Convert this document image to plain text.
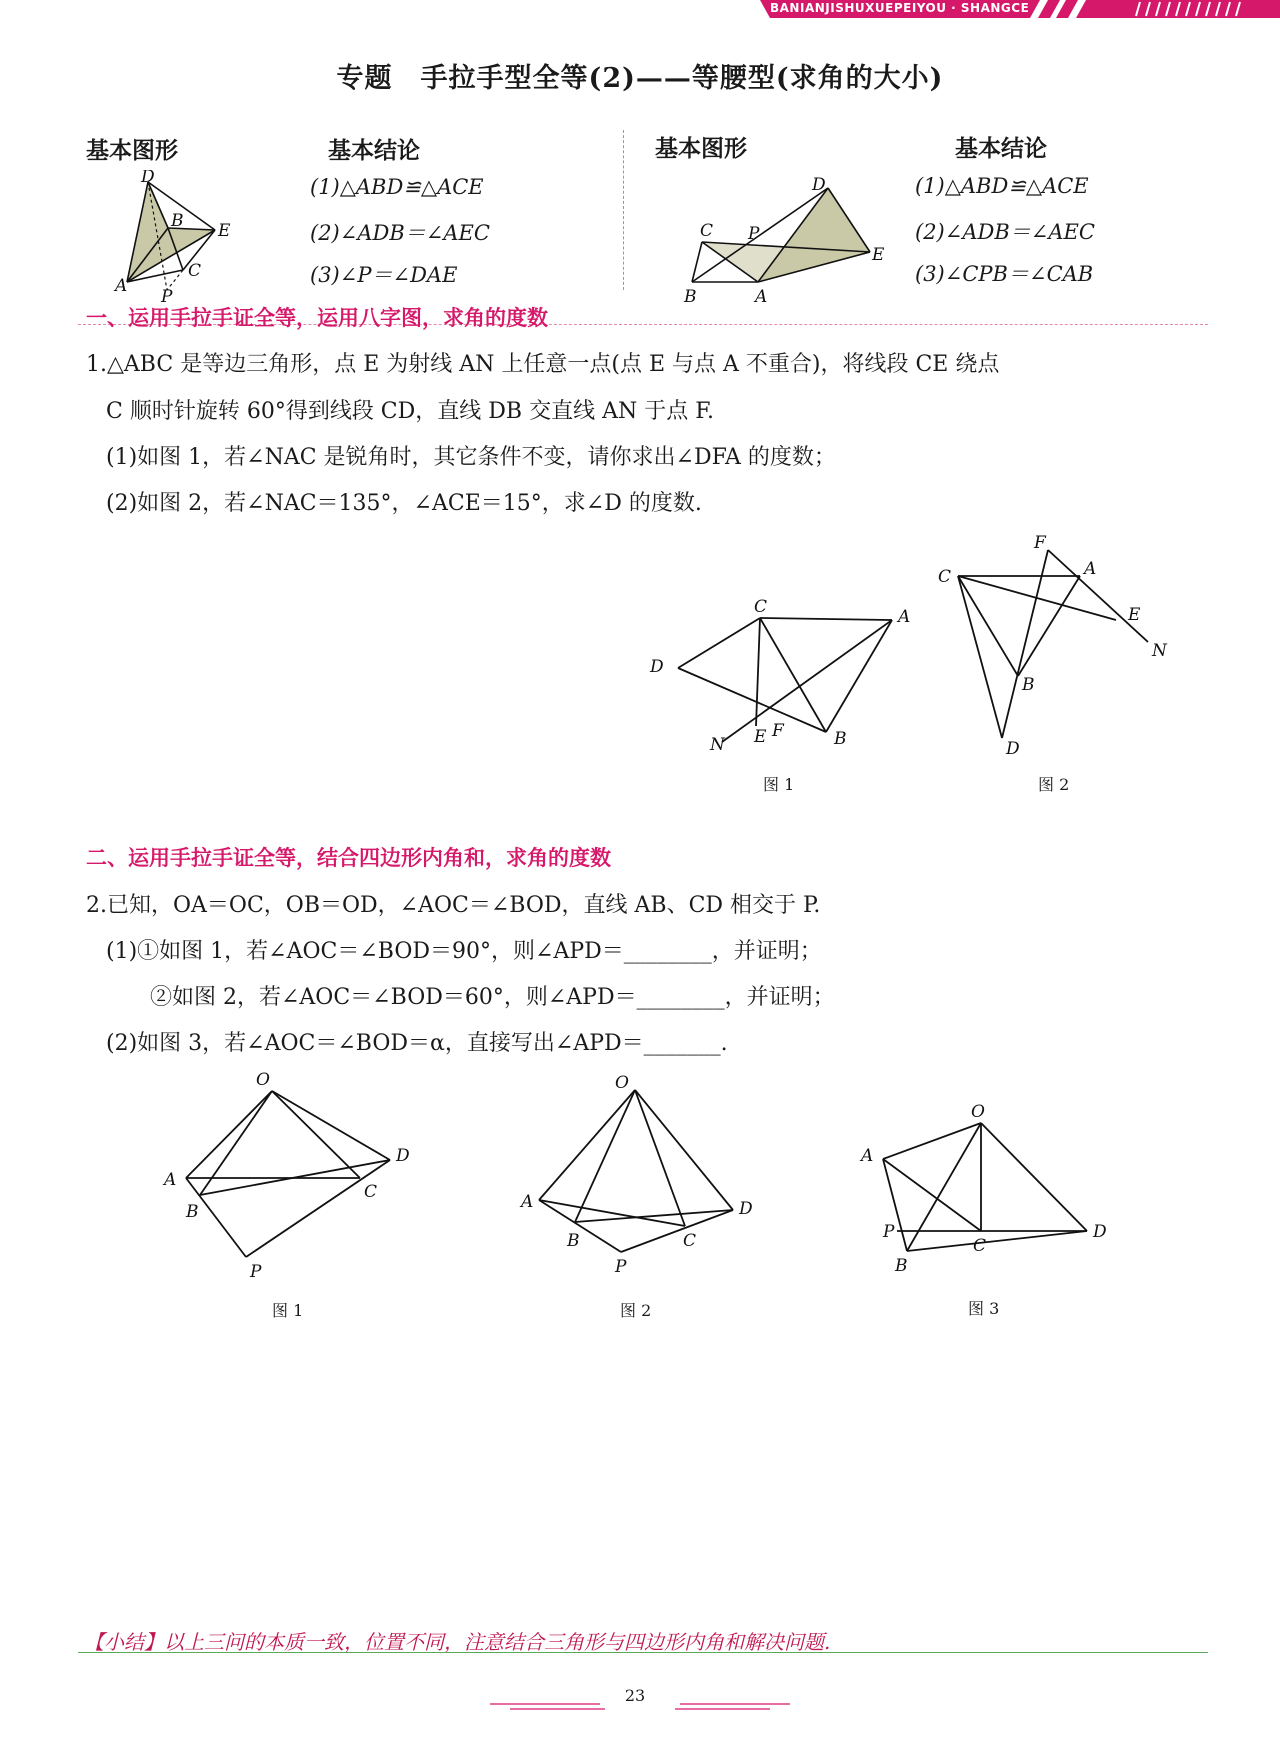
BANIANJISHUXUEPEIYOU · SHANGCE
专题　手拉手型全等(2)——等腰型(求角的大小)
基本图形	基本结论
(1)△ABD≌△ACE
(2)∠ADB＝∠AEC
(3)∠P＝∠DAE
D
B E
A
C
P
基本图形	基本结论
(1)△ABD≌△ACE
(2)∠ADB＝∠AEC
(3)∠CPB＝∠CAB
D
C P
E
B	A
一、运用手拉手证全等，运用八字图，求角的度数
1.△ABC 是等边三角形，点 E 为射线 AN 上任意一点(点 E 与点 A 不重合)，将线段 CE 绕点
C 顺时针旋转 60°得到线段 CD，直线 DB 交直线 AN 于点 F.
(1)如图 1，若∠NAC 是锐角时，其它条件不变，请你求出∠DFA 的度数；
(2)如图 2，若∠NAC＝135°，∠ACE＝15°，求∠D 的度数.
C	A
D
N E F	B
图 1
F
C	A
E
N
B
D
图 2
二、运用手拉手证全等，结合四边形内角和，求角的度数
2.已知，OA＝OC，OB＝OD，∠AOC＝∠BOD，直线 AB、CD 相交于 P.
(1)①如图 1，若∠AOC＝∠BOD＝90°，则∠APD＝________，并证明；
②如图 2，若∠AOC＝∠BOD＝60°，则∠APD＝________，并证明；
(2)如图 3，若∠AOC＝∠BOD＝α，直接写出∠APD＝_______.
O
D
A
C
B
P
图 1
O
A	D
B	C
P
图 2
O
A
P
C
D
B
图 3
【小结】以上三问的本质一致，位置不同，注意结合三角形与四边形内角和解决问题.
23
